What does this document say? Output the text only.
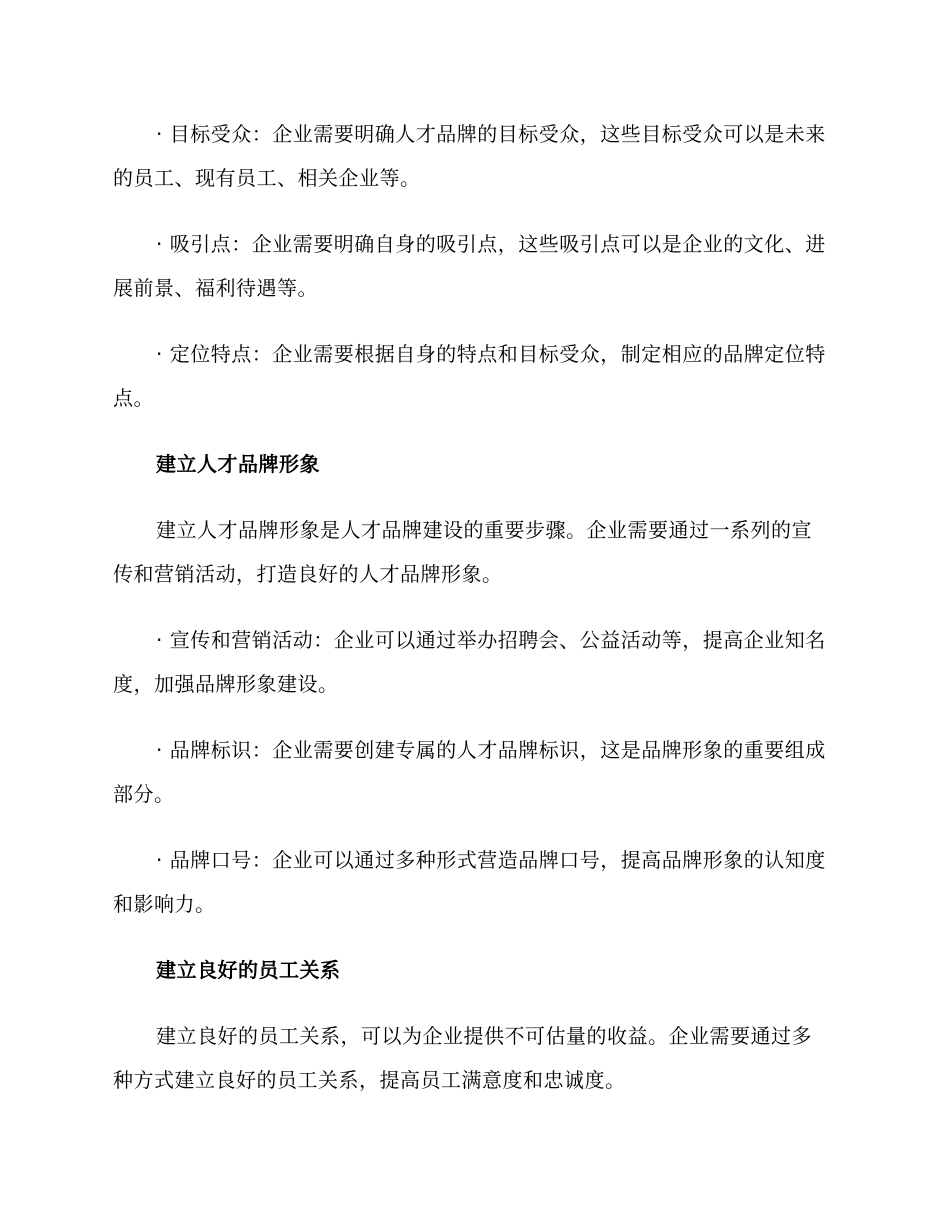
· 目标受众：企业需要明确人才品牌的目标受众，这些目标受众可以是未来的员工、现有员工、相关企业等。

· 吸引点：企业需要明确自身的吸引点，这些吸引点可以是企业的文化、进展前景、福利待遇等。

· 定位特点：企业需要根据自身的特点和目标受众，制定相应的品牌定位特点。

建立人才品牌形象

建立人才品牌形象是人才品牌建设的重要步骤。企业需要通过一系列的宣传和营销活动，打造良好的人才品牌形象。

· 宣传和营销活动：企业可以通过举办招聘会、公益活动等，提高企业知名度，加强品牌形象建设。

· 品牌标识：企业需要创建专属的人才品牌标识，这是品牌形象的重要组成部分。

· 品牌口号：企业可以通过多种形式营造品牌口号，提高品牌形象的认知度和影响力。

建立良好的员工关系

建立良好的员工关系，可以为企业提供不可估量的收益。企业需要通过多种方式建立良好的员工关系，提高员工满意度和忠诚度。
